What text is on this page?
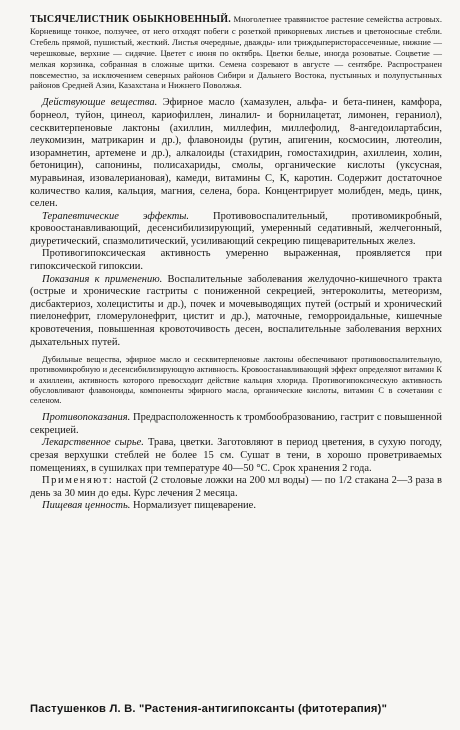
ТЫСЯЧЕЛИСТНИК ОБЫКНОВЕННЫЙ. Многолетнее травянистое растение семейства астровых. Корневище тонкое, ползучее, от него отходят побеги с розеткой прикорневых листьев и цветоносные стебли. Стебель прямой, пушистый, жесткий. Листья очередные, дважды- или триждыперисторассеченные, нижние — черешковые, верхние — сидячие. Цветет с июня по октябрь. Цветки белые, иногда розоватые. Соцветие — мелкая корзинка, собранная в сложные щитки. Семена созревают в августе — сентябре. Распространен повсеместно, за исключением северных районов Сибири и Дальнего Востока, пустынных и полупустынных районов Средней Азии, Казахстана и Нижнего Поволжья.

Действующие вещества. Эфирное масло (хамазулен, альфа- и бета-пинен, камфора, борнеол, туйон, цинеол, кариофиллен, линалил- и борнилацетат, лимонен, гераниол), сесквитерпеновые лактоны (ахиллин, миллефин, миллефолид, 8-ангедоилартабсин, леукомизин, матрикарин и др.), флавоноиды (рутин, апигенин, космосиин, лютеолин, изорамнетин, артемене и др.), алкалоиды (стахидрин, гомостахидрин, ахиллеин, холин, бетоницин), сапонины, полисахариды, смолы, органические кислоты (уксусная, муравьиная, изовалериановая), камеди, витамины С, К, каротин. Содержит достаточное количество калия, кальция, магния, селена, бора. Концентрирует молибден, медь, цинк, селен.

Терапевтические эффекты. Противовоспалительный, противомикробный, кровоостанавливающий, десенсибилизирующий, умеренный седативный, желчегонный, диуретический, спазмолитический, усиливающий секрецию пищеварительных желез.

Противогипоксическая активность умеренно выраженная, проявляется при гипоксической гипоксии.

Показания к применению. Воспалительные заболевания желудочно-кишечного тракта (острые и хронические гастриты с пониженной секрецией, энтероколиты, метеоризм, дисбактериоз, холециститы и др.), почек и мочевыводящих путей (острый и хронический пиелонефрит, гломерулонефрит, цистит и др.), маточные, геморроидальные, кишечные кровотечения, повышенная кровоточивость десен, воспалительные заболевания верхних дыхательных путей.

Дубильные вещества, эфирное масло и сесквитерпеновые лактоны обеспечивают противовоспалительную, противомикробную и десенсибилизирующую активность. Кровоостанавливающий эффект определяют витамин К и ахиллеин, активность которого превосходит действие кальция хлорида. Противогипоксическую активность обусловливают флавоноиды, компоненты эфирного масла, органические кислоты, витамин С в сочетании с селеном.

Противопоказания. Предрасположенность к тромбообразованию, гастрит с повышенной секрецией.

Лекарственное сырье. Трава, цветки. Заготовляют в период цветения, в сухую погоду, срезая верхушки стеблей не более 15 см. Сушат в тени, в хорошо проветриваемых помещениях, в сушилках при температуре 40—50 °С. Срок хранения 2 года.

Применяют: настой (2 столовые ложки на 200 мл воды) — по 1/2 стакана 2—3 раза в день за 30 мин до еды. Курс лечения 2 месяца.

Пищевая ценность. Нормализует пищеварение.

Пастушенков Л. В. "Растения-антигипоксанты (фитотерапия)"
